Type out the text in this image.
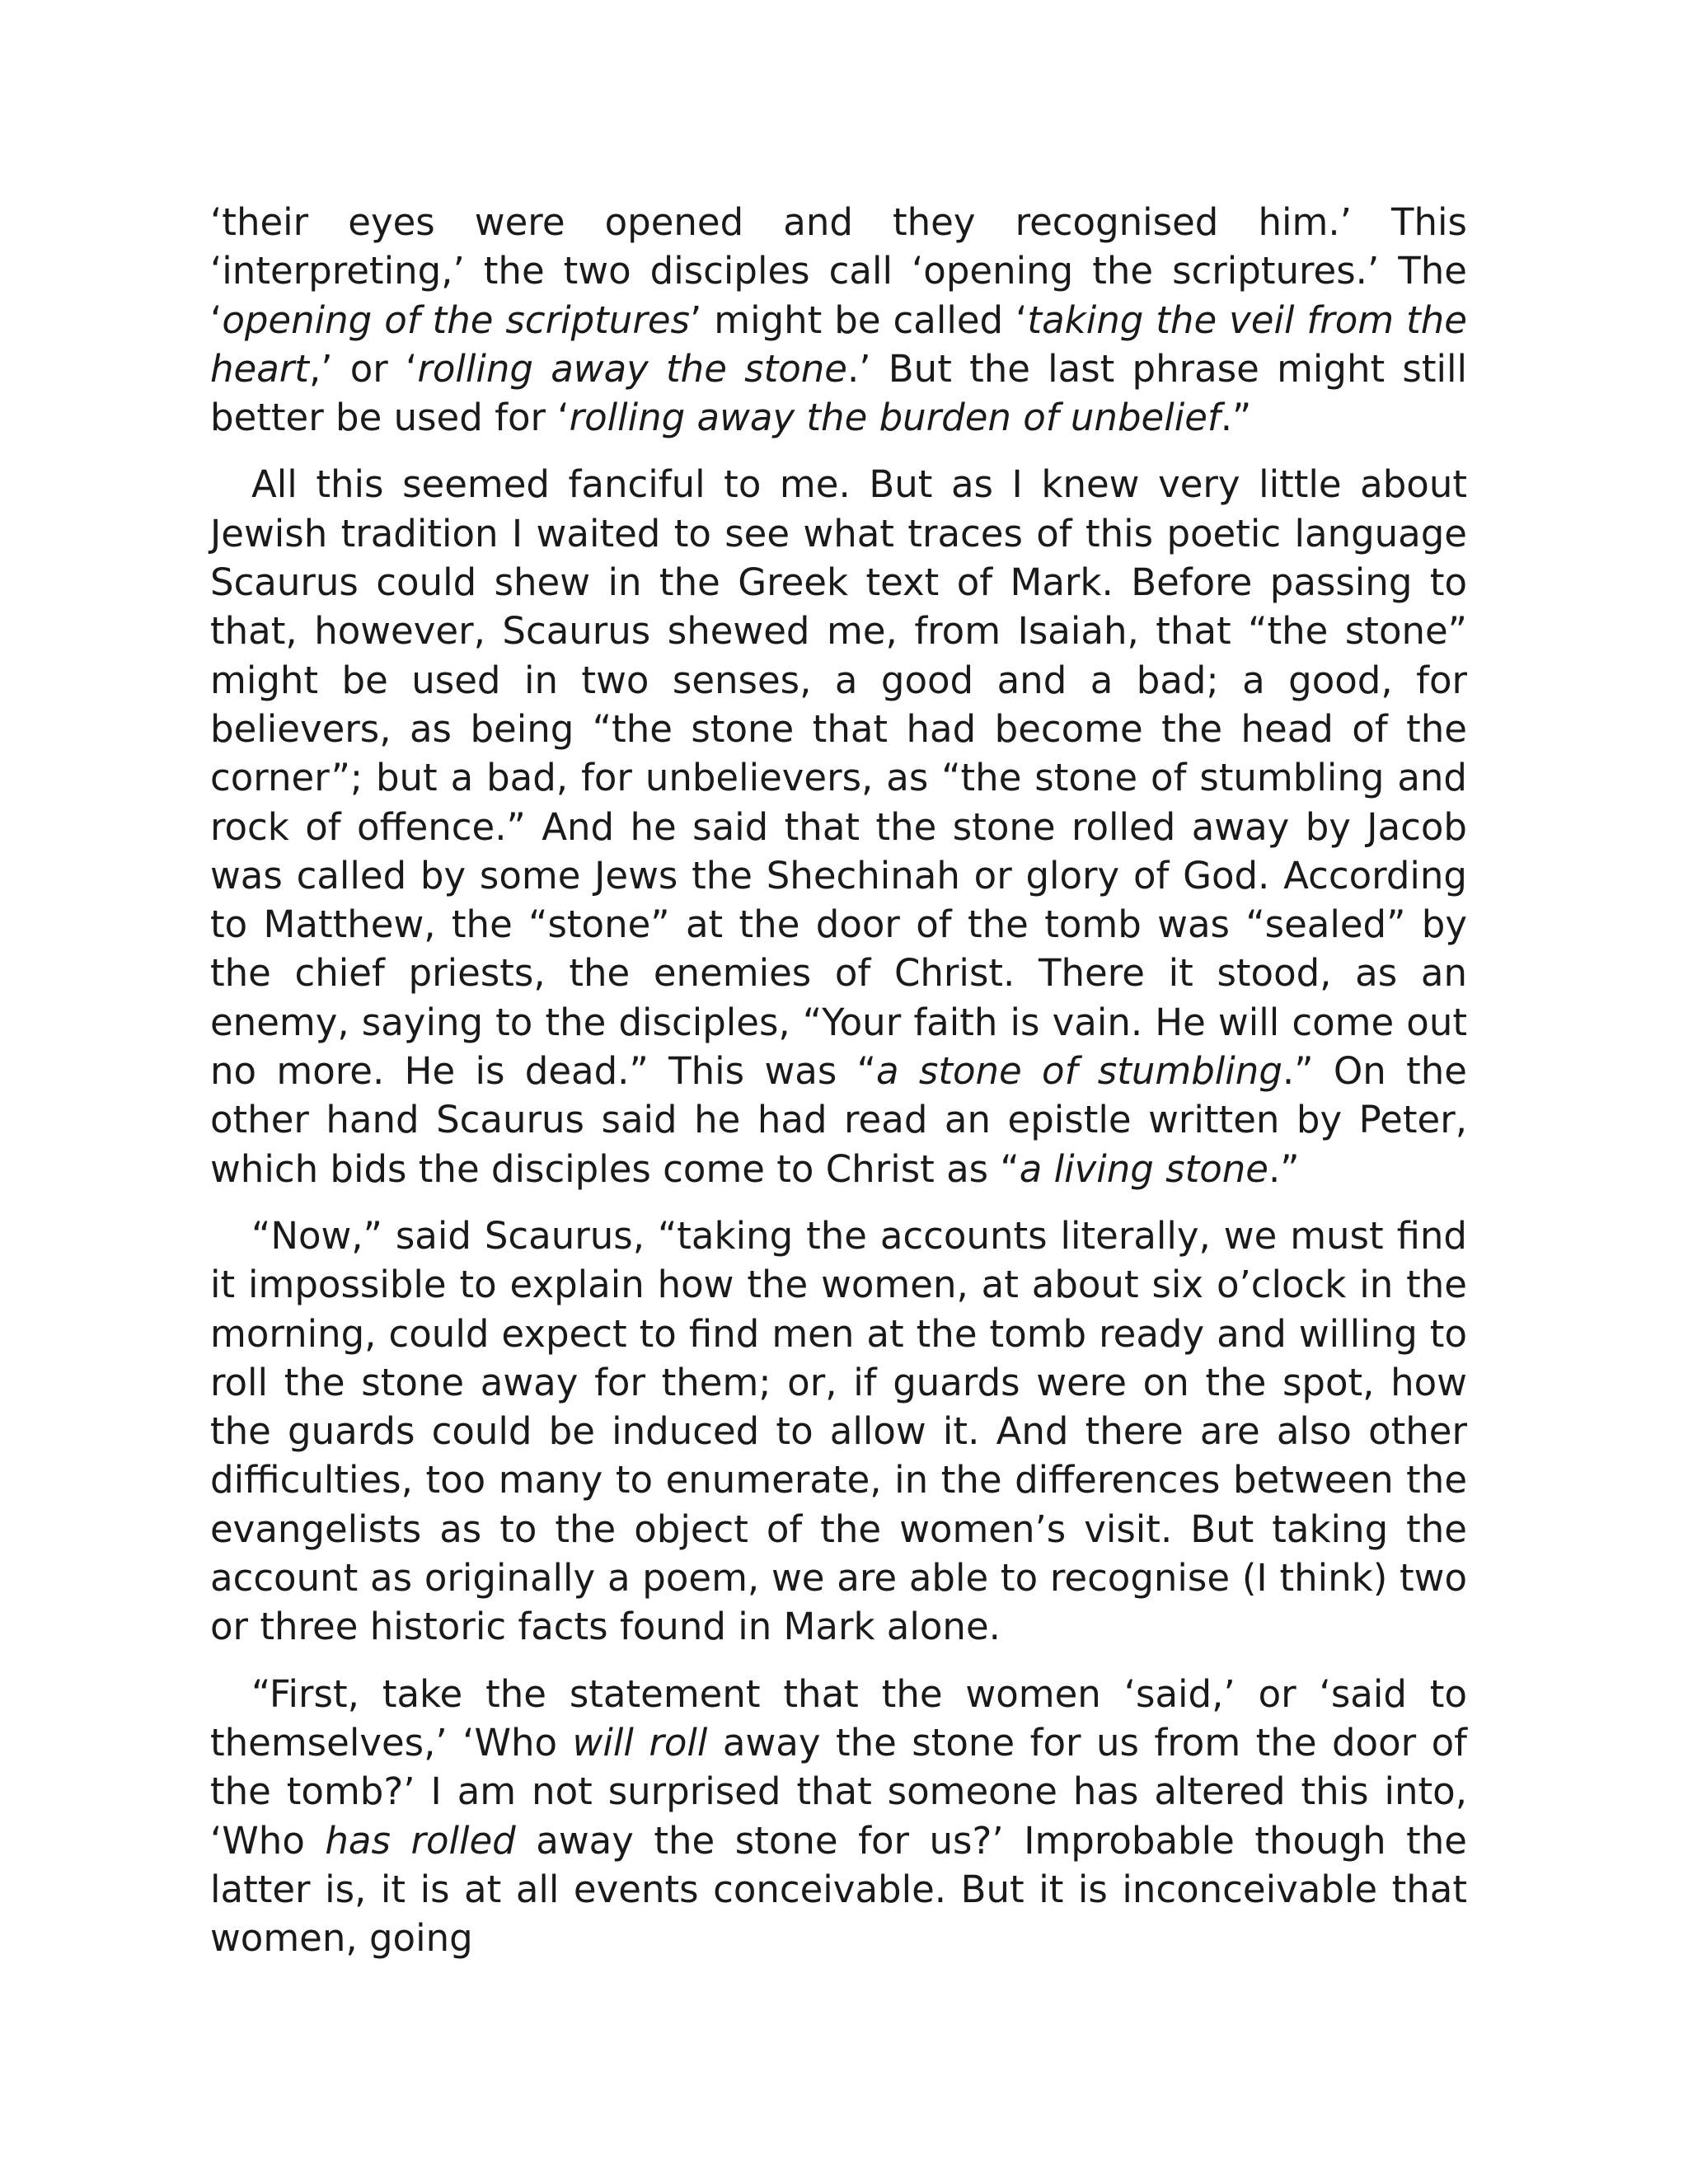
‘their eyes were opened and they recognised him.’ This ‘interpreting,’ the two disciples call ‘opening the scriptures.’ The ‘opening of the scriptures’ might be called ‘taking the veil from the heart,’ or ‘rolling away the stone.’ But the last phrase might still better be used for ‘rolling away the burden of unbelief.”

All this seemed fanciful to me. But as I knew very little about Jewish tradition I waited to see what traces of this poetic language Scaurus could shew in the Greek text of Mark. Before passing to that, however, Scaurus shewed me, from Isaiah, that “the stone” might be used in two senses, a good and a bad; a good, for believers, as being “the stone that had become the head of the corner”; but a bad, for unbelievers, as “the stone of stumbling and rock of offence.” And he said that the stone rolled away by Jacob was called by some Jews the Shechinah or glory of God. According to Matthew, the “stone” at the door of the tomb was “sealed” by the chief priests, the enemies of Christ. There it stood, as an enemy, saying to the disciples, “Your faith is vain. He will come out no more. He is dead.” This was “a stone of stumbling.” On the other hand Scaurus said he had read an epistle written by Peter, which bids the disciples come to Christ as “a living stone.”

“Now,” said Scaurus, “taking the accounts literally, we must find it impossible to explain how the women, at about six o’clock in the morning, could expect to find men at the tomb ready and willing to roll the stone away for them; or, if guards were on the spot, how the guards could be induced to allow it. And there are also other difficulties, too many to enumerate, in the differences between the evangelists as to the object of the women’s visit. But taking the account as originally a poem, we are able to recognise (I think) two or three historic facts found in Mark alone.

“First, take the statement that the women ‘said,’ or ‘said to themselves,’ ‘Who will roll away the stone for us from the door of the tomb?’ I am not surprised that someone has altered this into, ‘Who has rolled away the stone for us?’ Improbable though the latter is, it is at all events conceivable. But it is inconceivable that women, going
